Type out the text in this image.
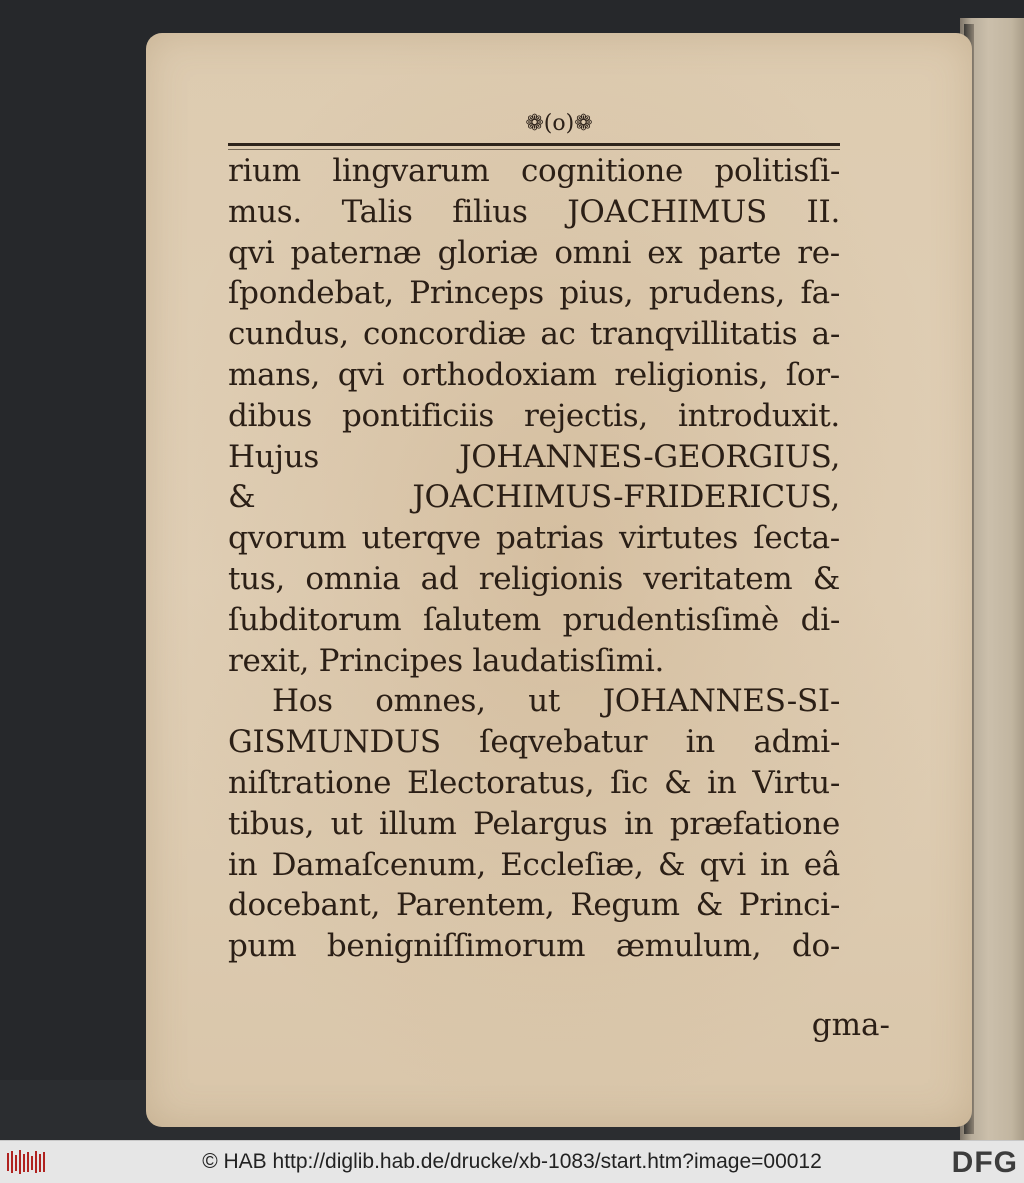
❁(o)❁
rium lingvarum cognitione politisſi-
mus. Talis filius JOACHIMUS II.
qvi paternæ gloriæ omni ex parte re-
ſpondebat, Princeps pius, prudens, fa-
cundus, concordiæ ac tranqvillitatis a-
mans, qvi orthodoxiam religionis, ſor-
dibus pontificiis rejectis, introduxit.
Hujus JOHANNES-GEORGIUS,
& JOACHIMUS-FRIDERICUS,
qvorum uterqve patrias virtutes ſecta-
tus, omnia ad religionis veritatem &
ſubditorum ſalutem prudentisſimè di-
rexit, Principes laudatisſimi.
Hos omnes, ut JOHANNES-SI-
GISMUNDUS ſeqvebatur in admi-
niſtratione Electoratus, ſic & in Virtu-
tibus, ut illum Pelargus in præfatione
in Damaſcenum, Eccleſiæ, & qvi in eâ
docebant, Parentem, Regum & Princi-
pum benigniſſimorum æmulum, do-
gma-
© HAB http://diglib.hab.de/drucke/xb-1083/start.htm?image=00012	DFG
